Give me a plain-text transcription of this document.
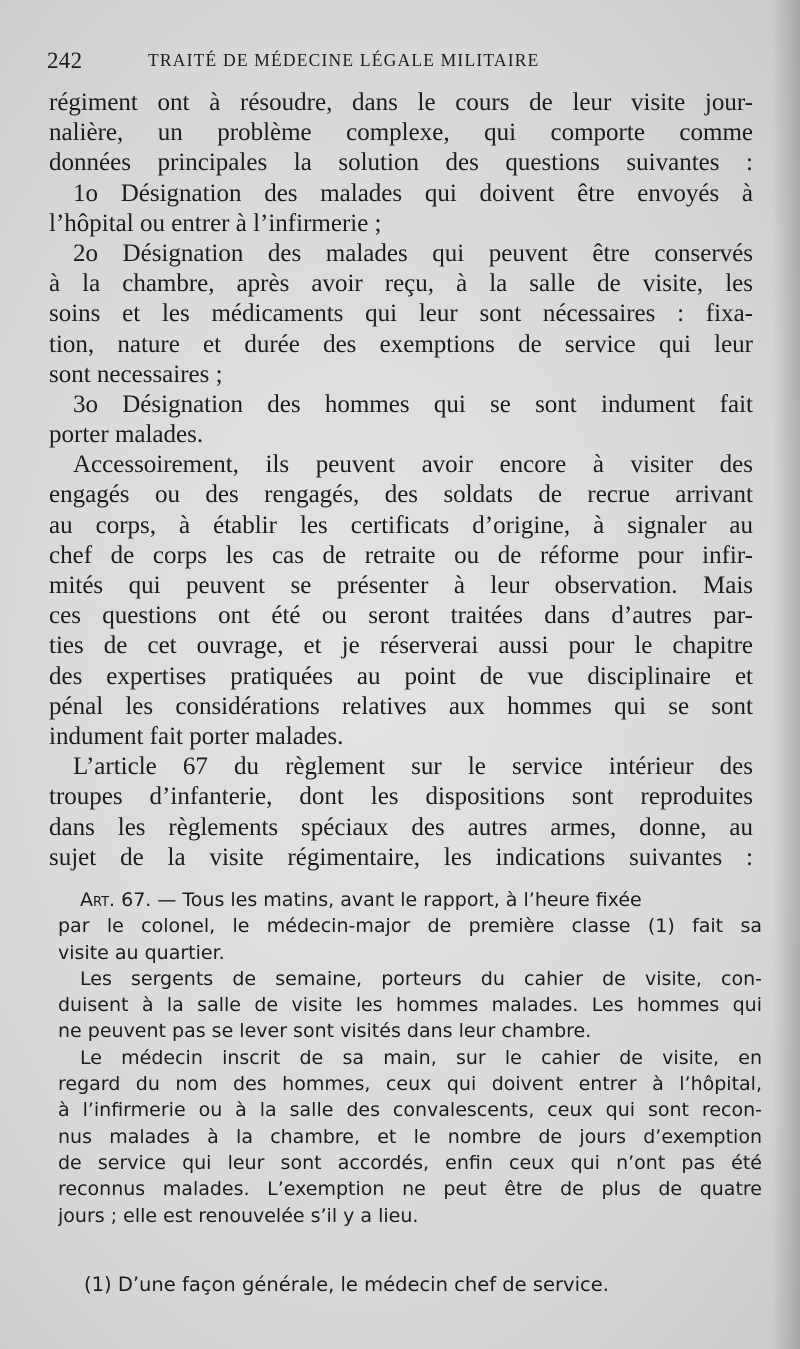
242	TRAITÉ DE MÉDECINE LÉGALE MILITAIRE
régiment ont à résoudre, dans le cours de leur visite jour-
nalière, un problème complexe, qui comporte comme
données principales la solution des questions suivantes :
1o Désignation des malades qui doivent être envoyés à
l’hôpital ou entrer à l’infirmerie ;
2o Désignation des malades qui peuvent être conservés
à la chambre, après avoir reçu, à la salle de visite, les
soins et les médicaments qui leur sont nécessaires : fixa-
tion, nature et durée des exemptions de service qui leur
sont necessaires ;
3o Désignation des hommes qui se sont indument fait
porter malades.
Accessoirement, ils peuvent avoir encore à visiter des
engagés ou des rengagés, des soldats de recrue arrivant
au corps, à établir les certificats d’origine, à signaler au
chef de corps les cas de retraite ou de réforme pour infir-
mités qui peuvent se présenter à leur observation. Mais
ces questions ont été ou seront traitées dans d’autres par-
ties de cet ouvrage, et je réserverai aussi pour le chapitre
des expertises pratiquées au point de vue disciplinaire et
pénal les considérations relatives aux hommes qui se sont
indument fait porter malades.
L’article 67 du règlement sur le service intérieur des
troupes d’infanterie, dont les dispositions sont reproduites
dans les règlements spéciaux des autres armes, donne, au
sujet de la visite régimentaire, les indications suivantes :
Art. 67. — Tous les matins, avant le rapport, à l’heure fixée
par le colonel, le médecin-major de première classe (1) fait sa
visite au quartier.
Les sergents de semaine, porteurs du cahier de visite, con-
duisent à la salle de visite les hommes malades. Les hommes qui
ne peuvent pas se lever sont visités dans leur chambre.
Le médecin inscrit de sa main, sur le cahier de visite, en
regard du nom des hommes, ceux qui doivent entrer à l’hôpital,
à l’infirmerie ou à la salle des convalescents, ceux qui sont recon-
nus malades à la chambre, et le nombre de jours d’exemption
de service qui leur sont accordés, enfin ceux qui n’ont pas été
reconnus malades. L’exemption ne peut être de plus de quatre
jours ; elle est renouvelée s’il y a lieu.
(1) D’une façon générale, le médecin chef de service.
